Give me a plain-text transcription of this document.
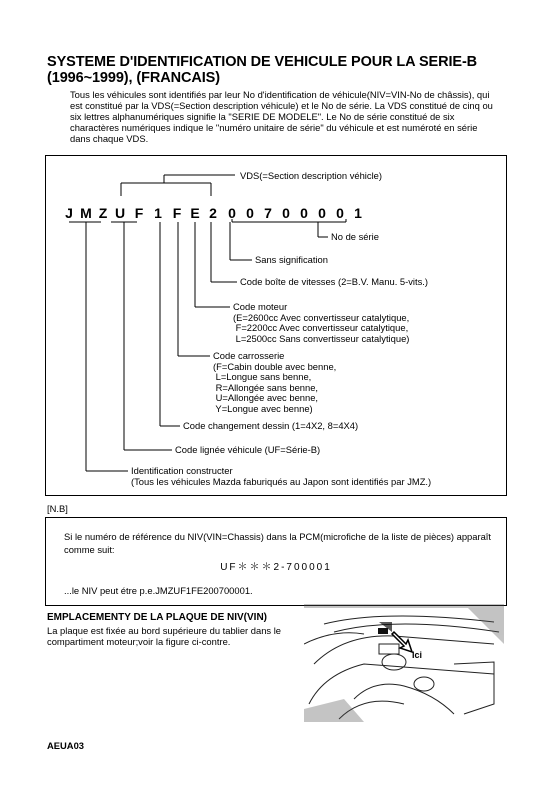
SYSTEME D'IDENTIFICATION DE VEHICULE POUR LA SERIE-B (1996~1999), (FRANCAIS)
Tous les véhicules sont identifiés par leur No d'identification de véhicule(NIV=VIN-No de châssis), qui est constitué par la VDS(=Section description véhicule) et le No de série. La VDS constitué de cinq ou six lettres alphanumériques signifie la "SERIE DE MODELE". Le No de série constitué de six charactères numériques indique le "numéro unitaire de série" du véhicule et est numéroté en série dans chaque VDS.
J M Z U F 1 F E 2 0 0 7 0 0 0 0 1
VDS(=Section description véhicle)
No de série
Sans signification
Code boîte de vitesses (2=B.V. Manu. 5-vits.)
Code moteur
(E=2600cc Avec convertisseur catalytique,
F=2200cc Avec convertisseur catalytique,
L=2500cc Sans convertisseur catalytique)
Code carrosserie
(F=Cabin double avec benne,
L=Longue sans benne,
R=Allongée sans benne,
U=Allongée avec benne,
Y=Longue avec benne)
Code changement dessin (1=4X2, 8=4X4)
Code lignée véhicule (UF=Série-B)
Identification constructer
(Tous les véhicules Mazda faburiqués au Japon sont identifiés par JMZ.)
[N.B]
Si le numéro de référence du NIV(VIN=Chassis) dans la PCM(microfiche de la liste de pièces) apparaît comme suit:
UF＊＊＊2-700001
...le NIV peut étre p.e.JMZUF1FE200700001.
EMPLACEMENTY DE LA PLAQUE DE NIV(VIN)
La plaque est fixée au bord supérieure du tablier dans le compartiment moteur;voir la figure ci-contre.
Ici
AEUA03
